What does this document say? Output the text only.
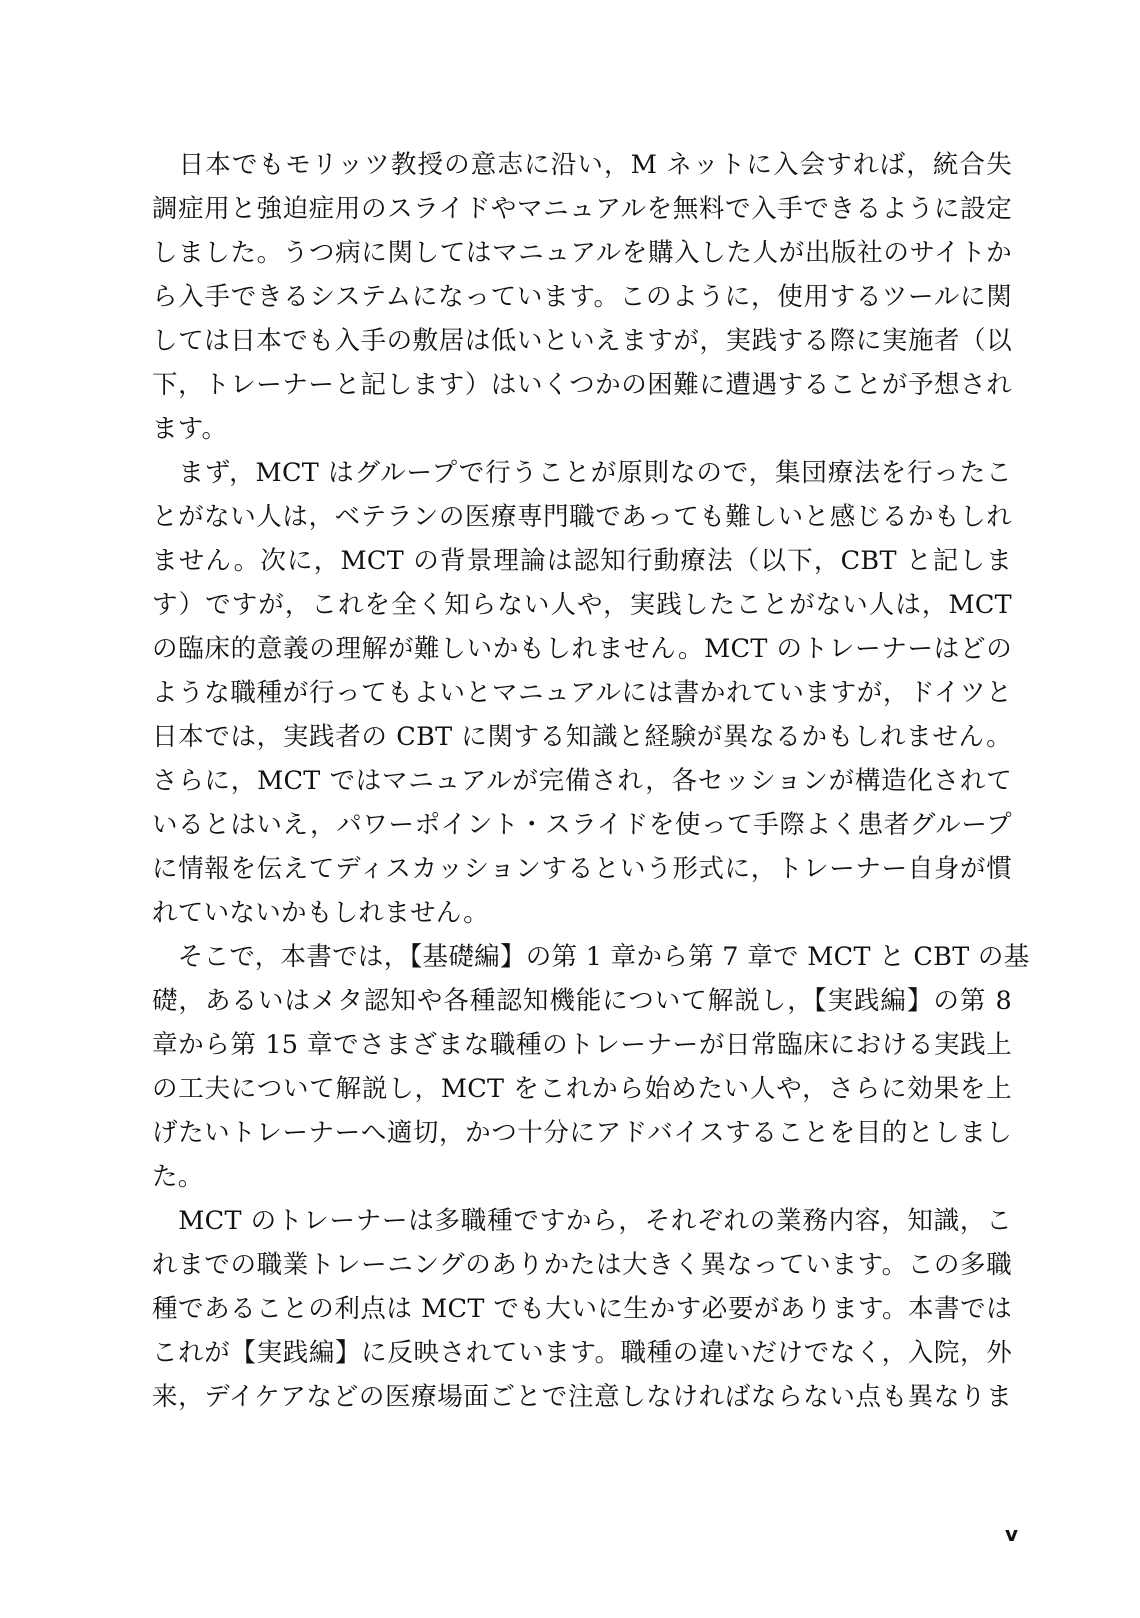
　日本でもモリッツ教授の意志に沿い，M ネットに入会すれば，統合失
調症用と強迫症用のスライドやマニュアルを無料で入手できるように設定
しました。うつ病に関してはマニュアルを購入した人が出版社のサイトか
ら入手できるシステムになっています。このように，使用するツールに関
しては日本でも入手の敷居は低いといえますが，実践する際に実施者（以
下，トレーナーと記します）はいくつかの困難に遭遇することが予想され
ます。
　まず，MCT はグループで行うことが原則なので，集団療法を行ったこ
とがない人は，ベテランの医療専門職であっても難しいと感じるかもしれ
ません。次に，MCT の背景理論は認知行動療法（以下，CBT と記しま
す）ですが，これを全く知らない人や，実践したことがない人は，MCT
の臨床的意義の理解が難しいかもしれません。MCT のトレーナーはどの
ような職種が行ってもよいとマニュアルには書かれていますが，ドイツと
日本では，実践者の CBT に関する知識と経験が異なるかもしれません。
さらに，MCT ではマニュアルが完備され，各セッションが構造化されて
いるとはいえ，パワーポイント・スライドを使って手際よく患者グループ
に情報を伝えてディスカッションするという形式に，トレーナー自身が慣
れていないかもしれません。
　そこで，本書では，【基礎編】の第 1 章から第 7 章で MCT と CBT の基
礎，あるいはメタ認知や各種認知機能について解説し，【実践編】の第 8
章から第 15 章でさまざまな職種のトレーナーが日常臨床における実践上
の工夫について解説し，MCT をこれから始めたい人や，さらに効果を上
げたいトレーナーへ適切，かつ十分にアドバイスすることを目的としまし
た。
　MCT のトレーナーは多職種ですから，それぞれの業務内容，知識，こ
れまでの職業トレーニングのありかたは大きく異なっています。この多職
種であることの利点は MCT でも大いに生かす必要があります。本書では
これが【実践編】に反映されています。職種の違いだけでなく，入院，外
来，デイケアなどの医療場面ごとで注意しなければならない点も異なりま
v
